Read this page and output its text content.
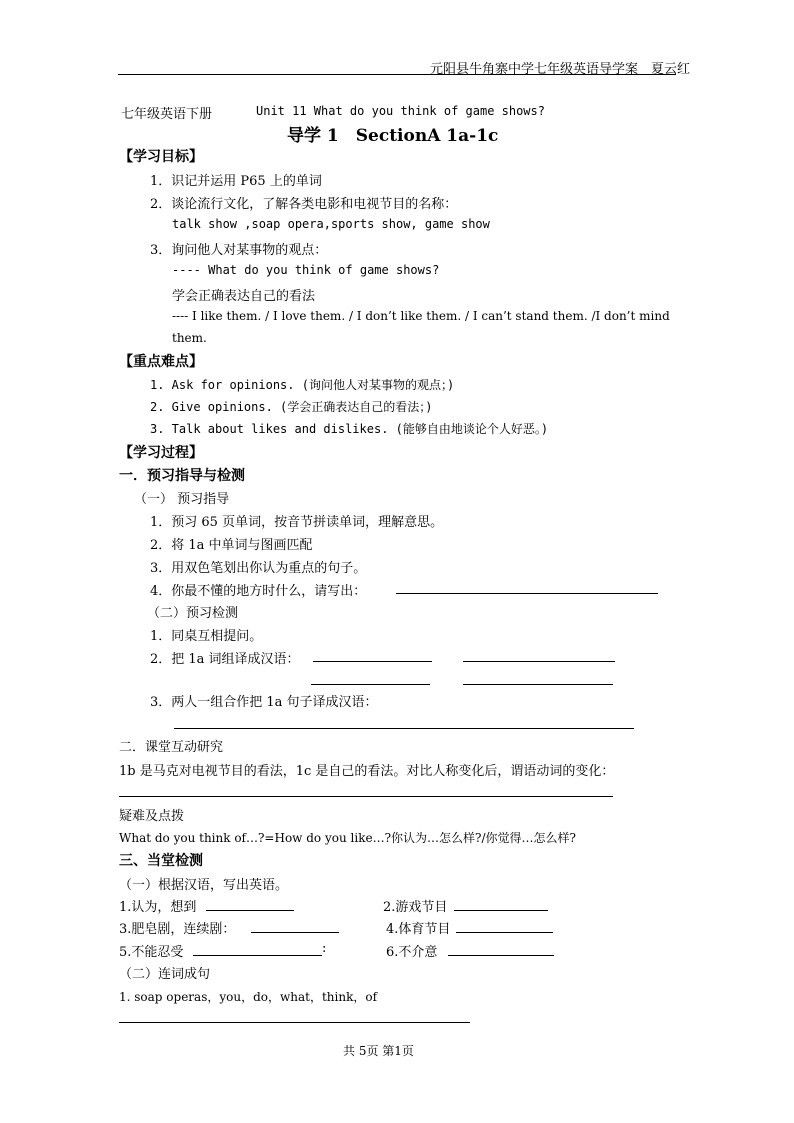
元阳县牛角寨中学七年级英语导学案　夏云红
七年级英语下册	Unit 11 What do you think of game shows?
导学 1　SectionA 1a-1c
【学习目标】
1．识记并运用 P65 上的单词
2．谈论流行文化，了解各类电影和电视节目的名称：
talk show ,soap opera,sports show, game show
3．询问他人对某事物的观点：
---- What do you think of game shows?
学会正确表达自己的看法
---- I like them. / I love them. / I don’t like them. / I can’t stand them. /I don’t mind
them.
【重点难点】
1. Ask for opinions. (询问他人对某事物的观点；)
2. Give opinions. (学会正确表达自己的看法；)
3. Talk about likes and dislikes. (能够自由地谈论个人好恶。)
【学习过程】
一．预习指导与检测
（一） 预习指导
1．预习 65 页单词，按音节拼读单词，理解意思。
2．将 1a 中单词与图画匹配
3．用双色笔划出你认为重点的句子。
4．你最不懂的地方时什么，请写出：
（二）预习检测
1．同桌互相提问。
2．把 1a 词组译成汉语：
3．两人一组合作把 1a 句子译成汉语：
二．课堂互动研究
1b 是马克对电视节目的看法，1c 是自己的看法。对比人称变化后，谓语动词的变化：
疑难及点拨
What do you think of…?=How do you like…?你认为…怎么样?/你觉得…怎么样?
三、当堂检测
（一）根据汉语，写出英语。
1.认为，想到	2.游戏节目
3.肥皂剧，连续剧：	4.体育节目
5.不能忍受	:	6.不介意
（二）连词成句
1. soap operas，you，do，what，think，of
共 5页 第1页
